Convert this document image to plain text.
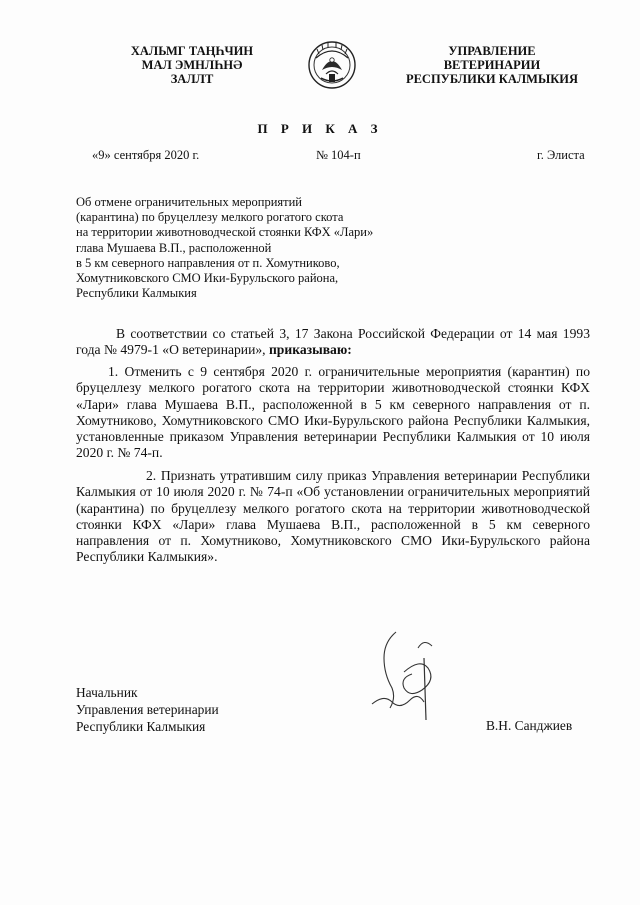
ХАЛЬМГ ТАҢҺЧИН
МАЛ ЭМНЛҺНƏ
ЗАЛЛТ
УПРАВЛЕНИЕ
ВЕТЕРИНАРИИ
РЕСПУБЛИКИ КАЛМЫКИЯ
П Р И К А З
«9» сентября 2020 г.	№ 104-п	г. Элиста
Об отмене ограничительных мероприятий
(карантина) по бруцеллезу мелкого рогатого скота
на территории животноводческой стоянки КФХ «Лари»
глава Мушаева В.П., расположенной
в 5 км северного направления от п. Хомутниково,
Хомутниковского СМО Ики-Бурульского района,
Республики Калмыкия
В соответствии со статьей 3, 17 Закона Российской Федерации от 14 мая 1993 года № 4979-1 «О ветеринарии», приказываю:
1. Отменить с 9 сентября 2020 г. ограничительные мероприятия (карантин) по бруцеллезу мелкого рогатого скота на территории животноводческой стоянки КФХ «Лари» глава Мушаева В.П., расположенной в 5 км северного направления от п. Хомутниково, Хомутниковского СМО Ики-Бурульского района Республики Калмыкия, установленные приказом Управления ветеринарии Республики Калмыкия от 10 июля 2020 г. № 74-п.
2. Признать утратившим силу приказ Управления ветеринарии Республики Калмыкия от 10 июля 2020 г. № 74-п «Об установлении ограничительных мероприятий (карантина) по бруцеллезу мелкого рогатого скота на территории животноводческой стоянки КФХ «Лари» глава Мушаева В.П., расположенной в 5 км северного направления от п. Хомутниково, Хомутниковского СМО Ики-Бурульского района Республики Калмыкия».
Начальник
Управления ветеринарии
Республики Калмыкия	В.Н. Санджиев
